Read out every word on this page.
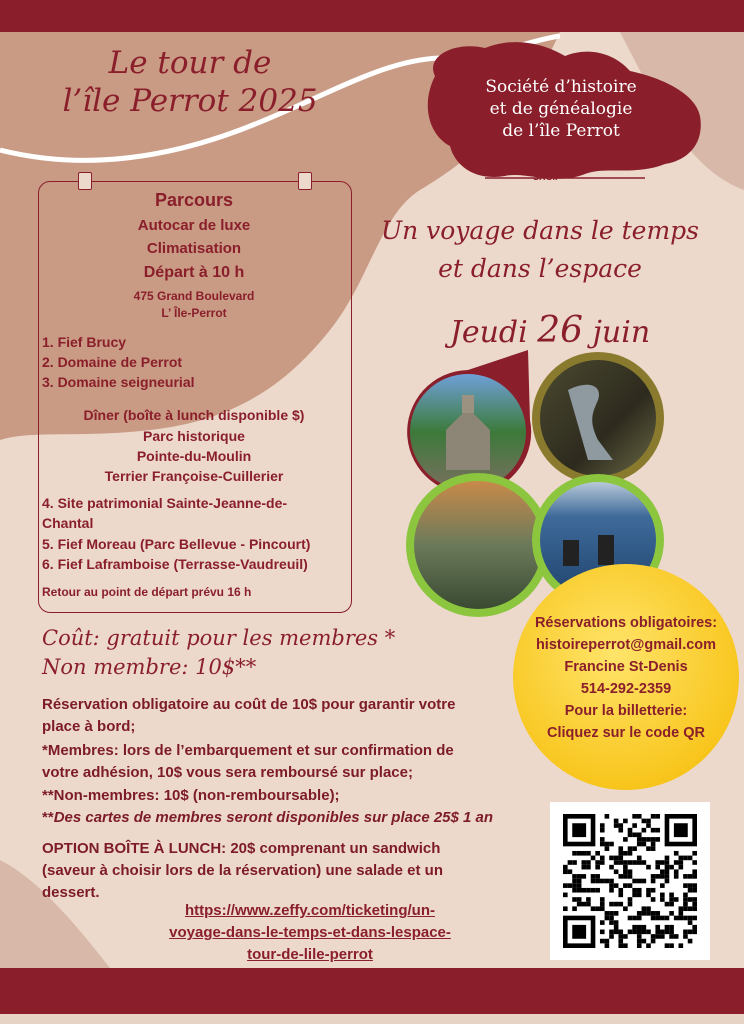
Le tour de
l’île Perrot 2025	Société d’histoire
et de généalogie
de l’île Perrot
SHGIP
Parcours
Autocar de luxe
Climatisation
Départ à 10 h
475 Grand Boulevard
L’ Île-Perrot
1. Fief Brucy
2. Domaine de Perrot
3. Domaine seigneurial
Dîner (boîte à lunch disponible $)
Parc historique
Pointe-du-Moulin
Terrier Françoise-Cuillerier
4. Site patrimonial Sainte-Jeanne-de-
Chantal
5. Fief Moreau (Parc Bellevue - Pincourt)
6. Fief Laframboise (Terrasse-Vaudreuil)
Retour au point de départ prévu 16 h
Un voyage dans le temps
et dans l’espace
Jeudi 26 juin
Réservations obligatoires:
histoireperrot@gmail.com
Francine St-Denis
514-292-2359
Pour la billetterie:
Cliquez sur le code QR
Coût: gratuit pour les membres *
Non membre: 10$**
Réservation obligatoire au coût de 10$ pour garantir votre
place à bord;
*Membres: lors de l’embarquement et sur confirmation de
votre adhésion, 10$ vous sera remboursé sur place;
**Non-membres: 10$ (non-remboursable);
**Des cartes de membres seront disponibles sur place 25$ 1 an
OPTION BOÎTE À LUNCH: 20$ comprenant un sandwich
(saveur à choisir lors de la réservation) une salade et un
dessert.
https://www.zeffy.com/ticketing/un-
voyage-dans-le-temps-et-dans-lespace-
tour-de-lile-perrot
